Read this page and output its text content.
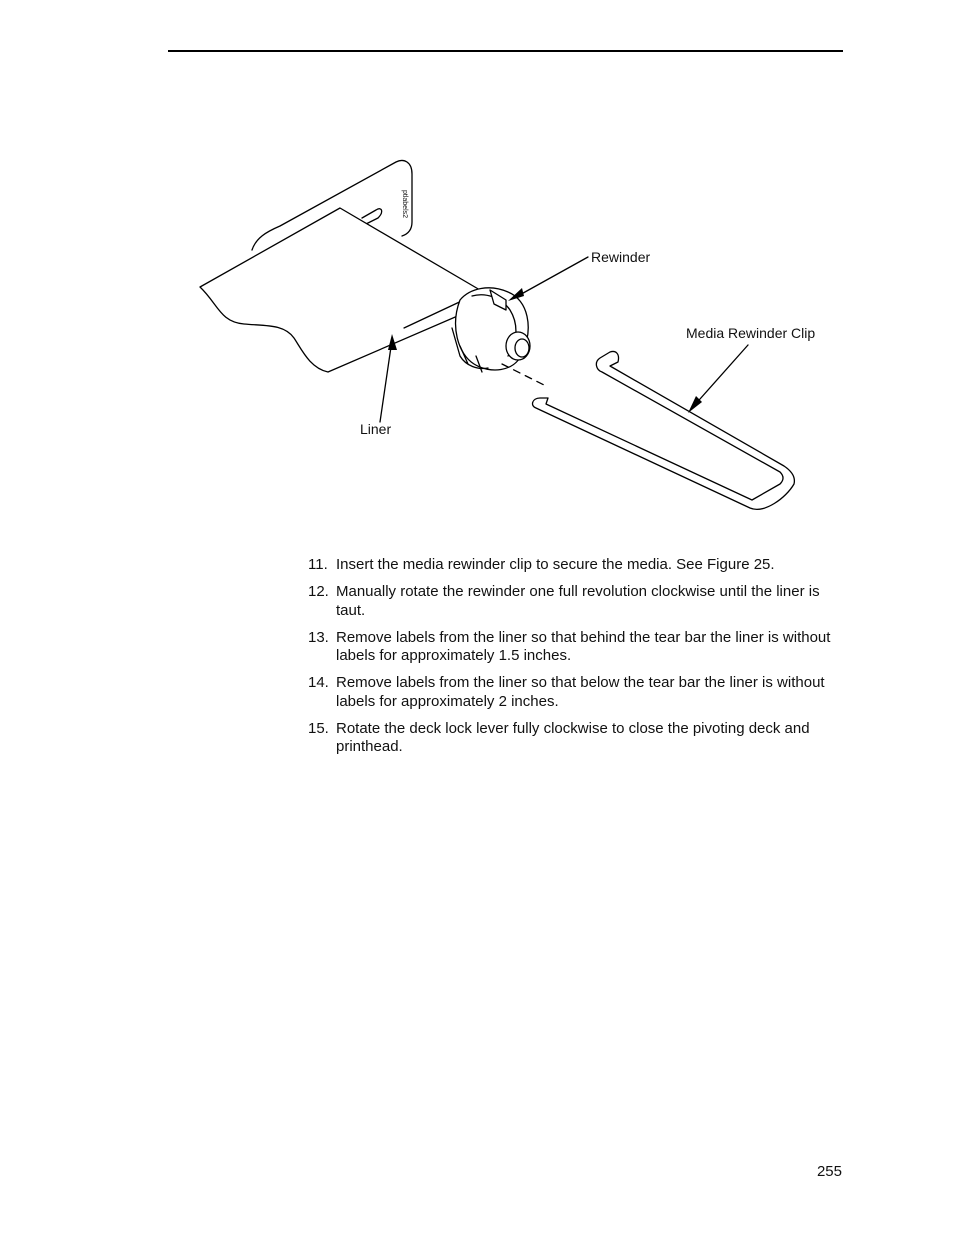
Rewinder
Media Rewinder Clip
Liner
ptlabels2
11. Insert the media rewinder clip to secure the media. See Figure 25.
12. Manually rotate the rewinder one full revolution clockwise until the liner is taut.
13. Remove labels from the liner so that behind the tear bar the liner is without labels for approximately 1.5 inches.
14. Remove labels from the liner so that below the tear bar the liner is without labels for approximately 2 inches.
15. Rotate the deck lock lever fully clockwise to close the pivoting deck and printhead.
255
